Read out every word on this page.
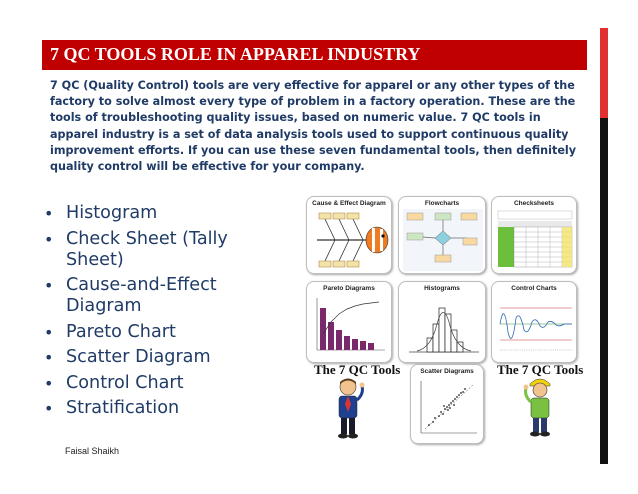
7 QC TOOLS ROLE IN APPAREL INDUSTRY
7 QC (Quality Control) tools are very effective for apparel or any other types of the factory to solve almost every type of problem in a factory operation. These are the tools of troubleshooting quality issues, based on numeric value. 7 QC tools in apparel industry is a set of data analysis tools used to support continuous quality improvement efforts. If you can use these seven fundamental tools, then definitely quality control will be effective for your company.
• Histogram
• Check Sheet (Tally Sheet)
• Cause-and-Effect Diagram
• Pareto Chart
• Scatter Diagram
• Control Chart
• Stratification
Faisal Shaikh
Cause & Effect Diagram	Flowcharts	Checksheets
Pareto Diagrams	Histograms	Control Charts
Scatter Diagrams
The 7 QC Tools	The 7 QC Tools
